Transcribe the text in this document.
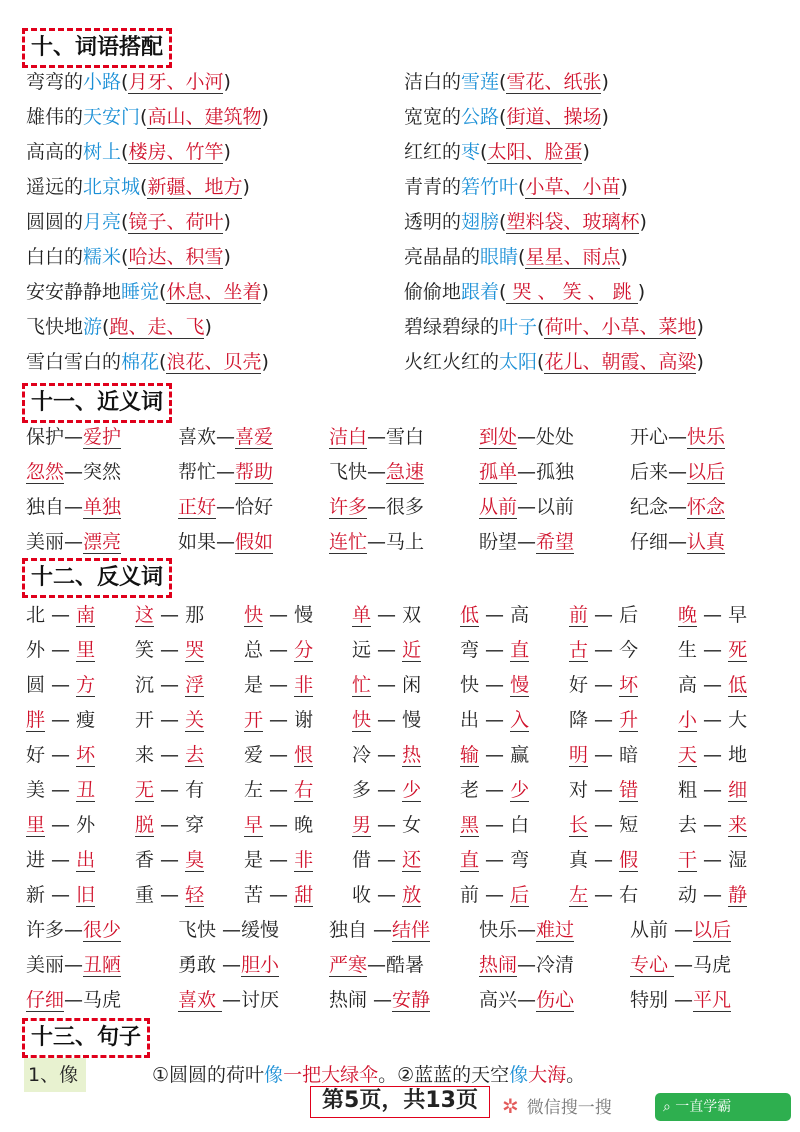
十、词语搭配
弯弯的小路(月牙、小河)	洁白的雪莲(雪花、纸张)
雄伟的天安门(高山、建筑物)	宽宽的公路(街道、操场)
高高的树上(楼房、竹竿)	红红的枣(太阳、脸蛋)
遥远的北京城(新疆、地方)	青青的箬竹叶(小草、小苗)
圆圆的月亮(镜子、荷叶)	透明的翅膀(塑料袋、玻璃杯)
白白的糯米(哈达、积雪)	亮晶晶的眼睛(星星、雨点)
安安静静地睡觉(休息、坐着)	偷偷地跟着( 哭 、 笑 、 跳 )
飞快地游(跑、走、飞)	碧绿碧绿的叶子(荷叶、小草、菜地)
雪白雪白的棉花(浪花、贝壳)	火红火红的太阳(花儿、朝霞、高粱)
十一、近义词
保护—爱护	喜欢—喜爱	洁白—雪白	到处—处处	开心—快乐
忽然—突然	帮忙—帮助	飞快—急速	孤单—孤独	后来—以后
独自—单独	正好—恰好	许多—很多	从前—以前	纪念—怀念
美丽—漂亮	如果—假如	连忙—马上	盼望—希望	仔细—认真
十二、反义词
北 — 南 这 — 那 快 — 慢 单 — 双 低 — 高 前 — 后 晚 — 早
外 — 里 笑 — 哭 总 — 分 远 — 近 弯 — 直 古 — 今 生 — 死
圆 — 方 沉 — 浮 是 — 非 忙 — 闲 快 — 慢 好 — 坏 高 — 低
胖 — 瘦 开 — 关 开 — 谢 快 — 慢 出 — 入 降 — 升 小 — 大
好 — 坏 来 — 去 爱 — 恨 冷 — 热 输 — 赢 明 — 暗 天 — 地
美 — 丑 无 — 有 左 — 右 多 — 少 老 — 少 对 — 错 粗 — 细
里 — 外 脱 — 穿 早 — 晚 男 — 女 黑 — 白 长 — 短 去 — 来
进 — 出 香 — 臭 是 — 非 借 — 还 直 — 弯 真 — 假 干 — 湿
新 — 旧 重 — 轻 苦 — 甜 收 — 放 前 — 后 左 — 右 动 — 静
许多—很少	飞快 —缓慢	独自 —结伴	快乐—难过	从前 —以后
美丽—丑陋	勇敢 —胆小	严寒—酷暑	热闹—冷清	专心 —马虎
仔细—马虎	喜欢 —讨厌	热闹 —安静	高兴—伤心	特别 —平凡
十三、句子
1、像	①圆圆的荷叶像一把大绿伞。②蓝蓝的天空像大海。
第5页，共13页	✲ 微信搜一搜	⌕ 一直学霸
